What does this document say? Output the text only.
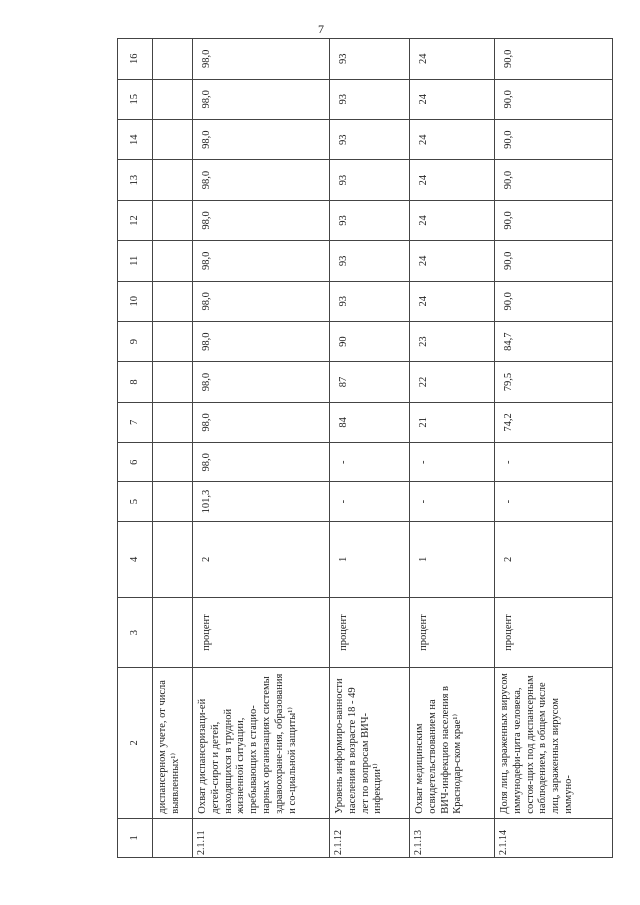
7
1	2	3	4	5	6	7	8	9	10	11	12	13	14	15	16
	диспансерном учете, от числа выявленных¹⁾														
2.1.11	Охват диспансеризаци-ей детей-сирот и детей, находящихся в трудной жизненной ситуации, пребывающих в стацио-нарных организациях системы здравоохране-ния, образования и со-циальной защиты¹⁾	процент	2	101,3	98,0	98,0	98,0	98,0	98,0	98,0	98,0	98,0	98,0	98,0	98,0
2.1.12	Уровень информиро-ванности населения в возрасте 18 - 49 лет по вопросам ВИЧ-инфекции¹⁾	процент	1	-	-	84	87	90	93	93	93	93	93	93	93
2.1.13	Охват медицинским освидетельствованием на ВИЧ-инфекцию населения в Краснодар-ском крае¹⁾	процент	1	-	-	21	22	23	24	24	24	24	24	24	24
2.1.14	Доля лиц, зараженных вирусом иммунодефи-цита человека, состоя-щих под диспансерным наблюдением, в общем числе лиц, зараженных вирусом иммуно-	процент	2	-	-	74,2	79,5	84,7	90,0	90,0	90,0	90,0	90,0	90,0	90,0
